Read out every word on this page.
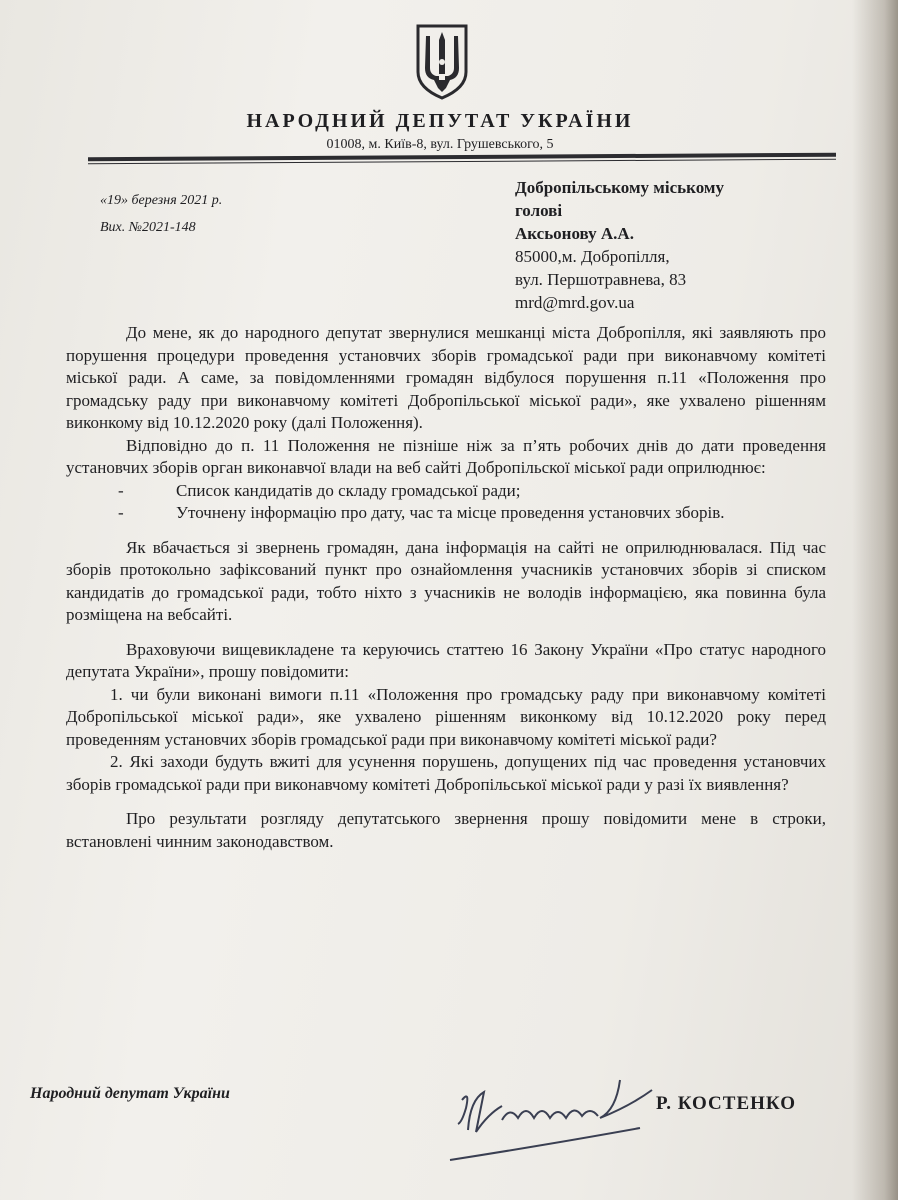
НАРОДНИЙ ДЕПУТАТ УКРАЇНИ
01008, м. Київ-8, вул. Грушевського, 5
«19» березня 2021 р.
Вих. №2021-148
Добропільському міському
голові
Аксьонову А.А.
85000,м. Добропілля,
вул. Першотравнева, 83
mrd@mrd.gov.ua

До мене, як до народного депутат звернулися мешканці міста Добропілля, які заявляють про порушення процедури проведення установчих зборів громадської ради при виконавчому комітеті міської ради. А саме, за повідомленнями громадян відбулося порушення п.11 «Положення про громадську раду при виконавчому комітеті Добропільської міської ради», яке ухвалено рішенням виконкому від 10.12.2020 року (далі Положення).

Відповідно до п. 11 Положення не пізніше ніж за п’ять робочих днів до дати проведення установчих зборів орган виконавчої влади на веб сайті Добропільскої міської ради оприлюднює:

-	Список кандидатів до складу громадської ради;
-	Уточнену інформацію про дату, час та місце проведення установчих зборів.

Як вбачається зі звернень громадян, дана інформація на сайті не оприлюднювалася. Під час зборів протокольно зафіксований пункт про ознайомлення учасників установчих зборів зі списком кандидатів до громадської ради, тобто ніхто з учасників не володів інформацією, яка повинна була розміщена на вебсайті.

Враховуючи вищевикладене та керуючись статтею 16 Закону України «Про статус народного депутата України», прошу повідомити:

1. чи були виконані вимоги п.11 «Положення про громадську раду при виконавчому комітеті Добропільської міської ради», яке ухвалено рішенням виконкому від 10.12.2020 року перед проведенням установчих зборів громадської ради при виконавчому комітеті міської ради?

2. Які заходи будуть вжиті для усунення порушень, допущених під час проведення установчих зборів громадської ради при виконавчому комітеті Добропільської міської ради у разі їх виявлення?

Про результати розгляду депутатського звернення прошу повідомити мене в строки, встановлені чинним законодавством.

Народний депутат України	Р. КОСТЕНКО
